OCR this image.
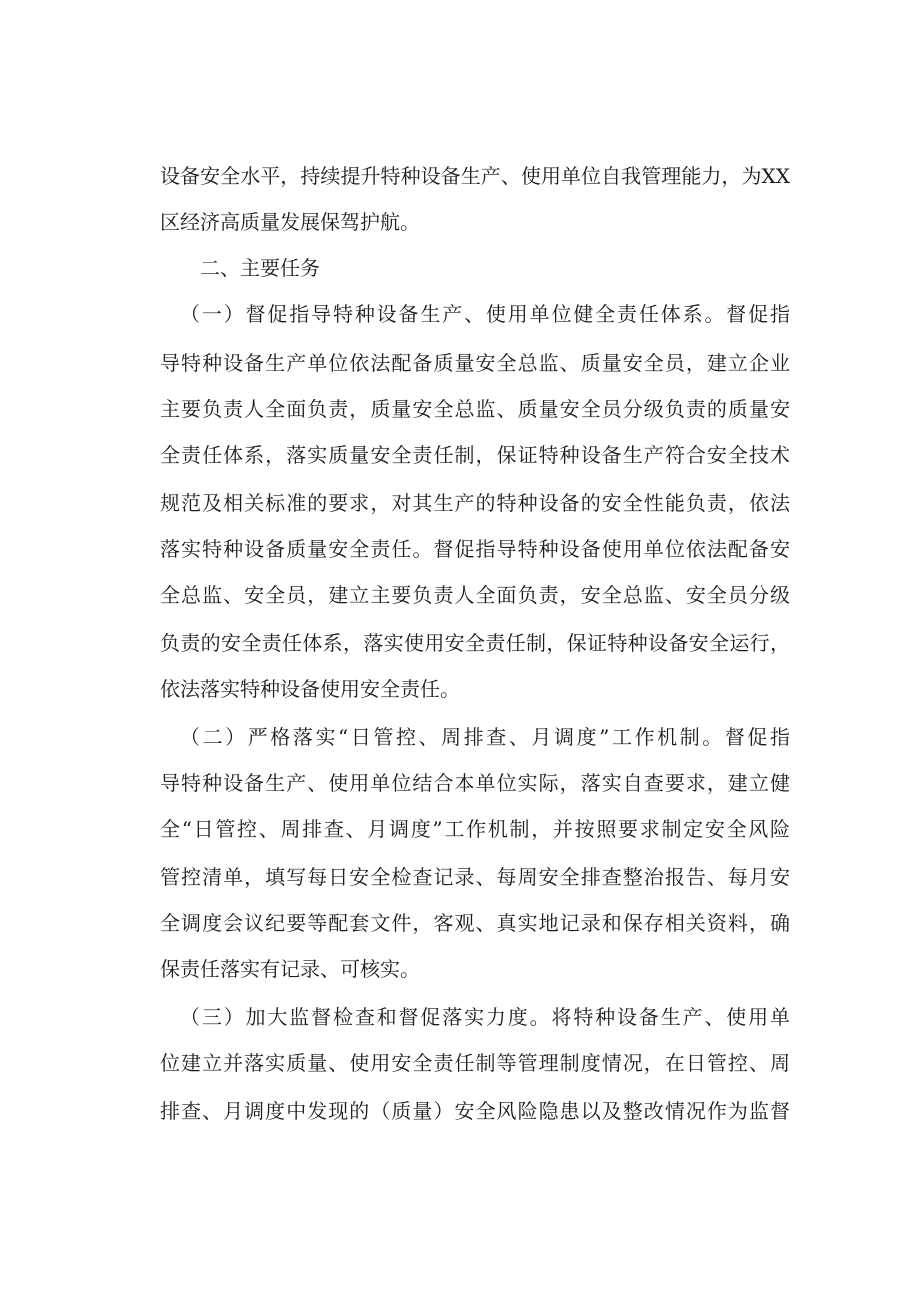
设备安全水平，持续提升特种设备生产、使用单位自我管理能力，为XX
区经济高质量发展保驾护航。
二、主要任务
（一）督促指导特种设备生产、使用单位健全责任体系。督促指
导特种设备生产单位依法配备质量安全总监、质量安全员，建立企业
主要负责人全面负责，质量安全总监、质量安全员分级负责的质量安
全责任体系，落实质量安全责任制，保证特种设备生产符合安全技术
规范及相关标准的要求，对其生产的特种设备的安全性能负责，依法
落实特种设备质量安全责任。督促指导特种设备使用单位依法配备安
全总监、安全员，建立主要负责人全面负责，安全总监、安全员分级
负责的安全责任体系，落实使用安全责任制，保证特种设备安全运行，
依法落实特种设备使用安全责任。
（二）严格落实“日管控、周排查、月调度”工作机制。督促指
导特种设备生产、使用单位结合本单位实际，落实自查要求，建立健
全“日管控、周排查、月调度”工作机制，并按照要求制定安全风险
管控清单，填写每日安全检查记录、每周安全排查整治报告、每月安
全调度会议纪要等配套文件，客观、真实地记录和保存相关资料，确
保责任落实有记录、可核实。
（三）加大监督检查和督促落实力度。将特种设备生产、使用单
位建立并落实质量、使用安全责任制等管理制度情况，在日管控、周
排查、月调度中发现的（质量）安全风险隐患以及整改情况作为监督
